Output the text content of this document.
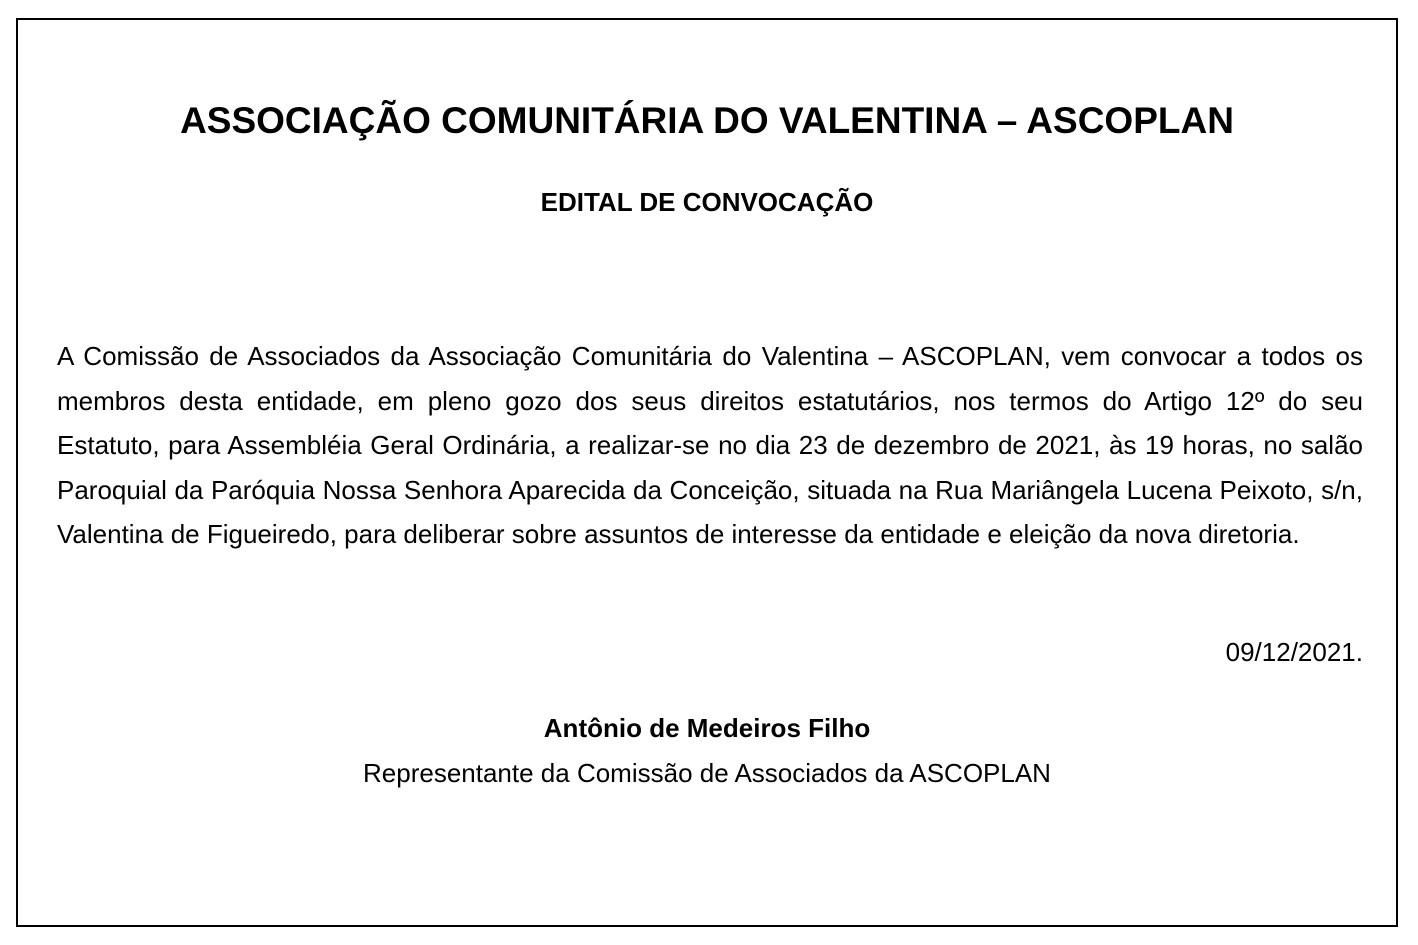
ASSOCIAÇÃO COMUNITÁRIA DO VALENTINA – ASCOPLAN
EDITAL DE CONVOCAÇÃO

A Comissão de Associados da Associação Comunitária do Valentina – ASCOPLAN, vem convocar a todos os membros desta entidade, em pleno gozo dos seus direitos estatutários, nos termos do Artigo 12º do seu Estatuto, para Assembléia Geral Ordinária, a realizar-se no dia 23 de dezembro de 2021, às 19 horas, no salão Paroquial da Paróquia Nossa Senhora Aparecida da Conceição, situada na Rua Mariângela Lucena Peixoto, s/n, Valentina de Figueiredo, para deliberar sobre assuntos de interesse da entidade e eleição da nova diretoria.

09/12/2021.
Antônio de Medeiros Filho
Representante da Comissão de Associados da ASCOPLAN
